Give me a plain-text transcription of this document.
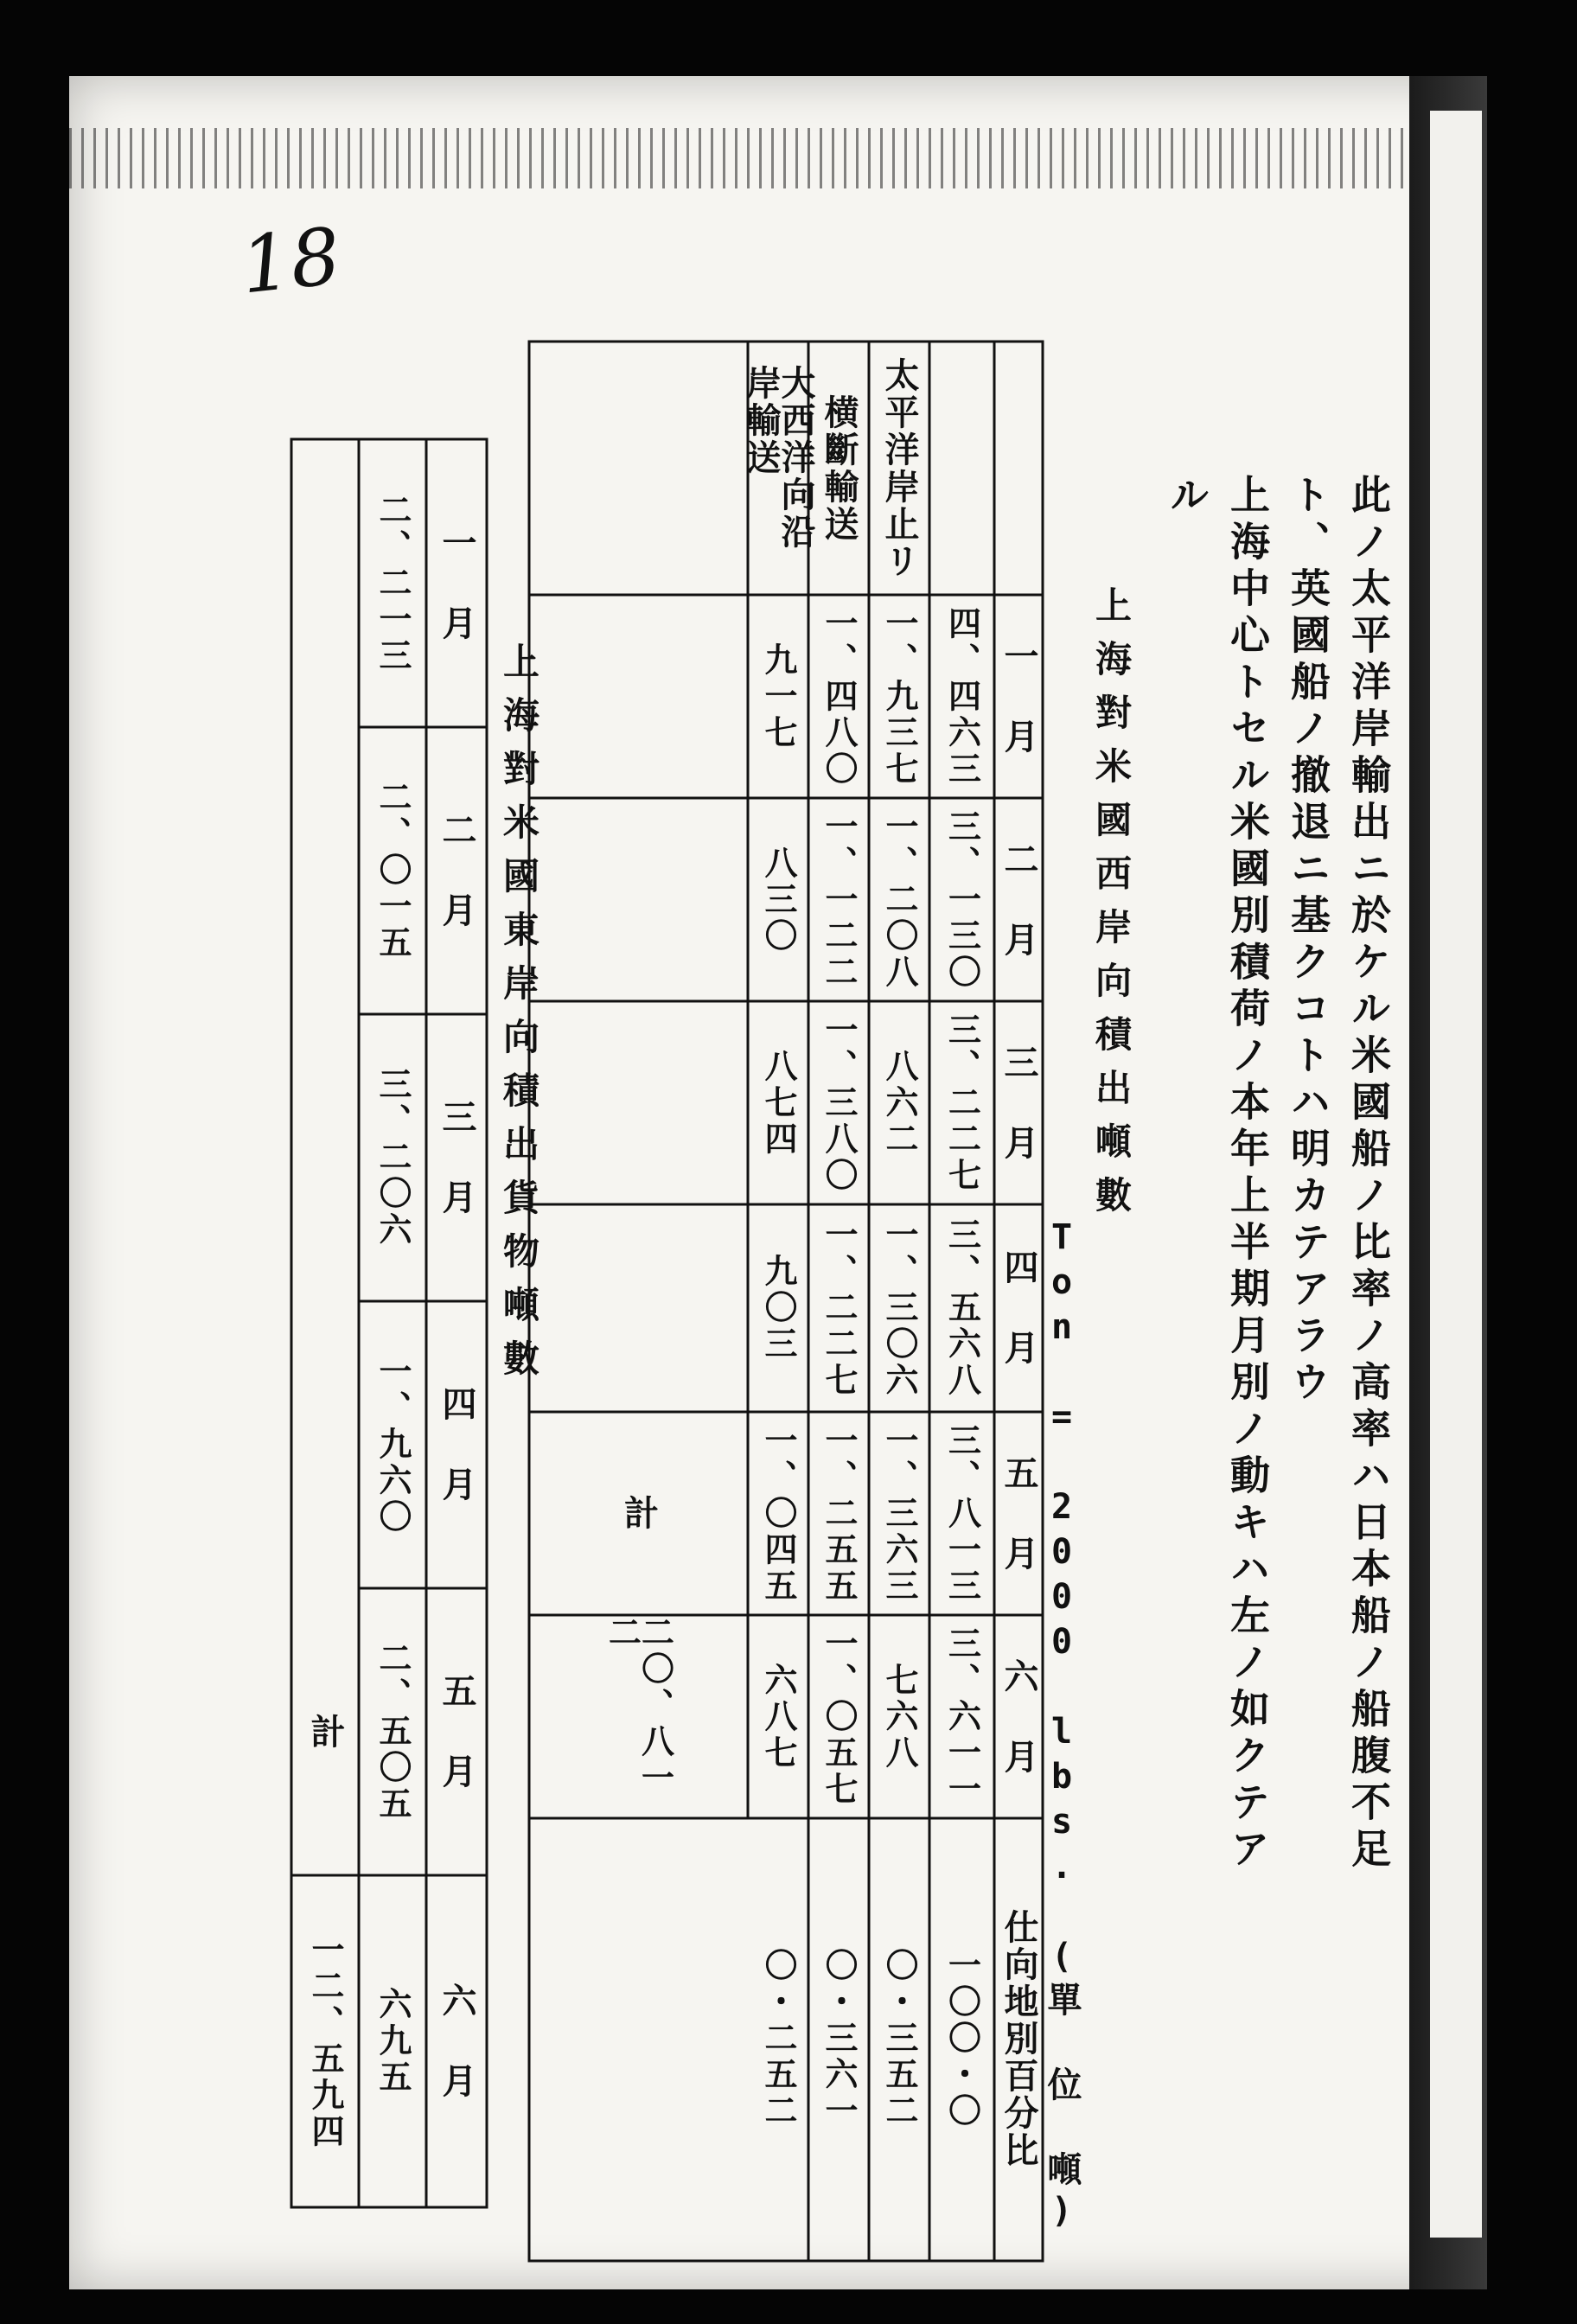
18
此ノ太平洋岸輸出ニ於ケル米國船ノ比率ノ高率ハ日本船ノ船腹不足
ト、英國船ノ撤退ニ基クコトハ明カテアラウ
上海中心トセル米國別積荷ノ本年上半期月別ノ動キハ左ノ如クテア
ル
上海對米國西岸向積出噸數
Ton = 2000 lbs. (單 位 噸)
一 月
二 月
三 月
四 月
五 月
六 月
仕向地別百分比
太平洋岸止リ
横斷輸送
大西洋向沿岸輸送
四、四六三
三、一三〇
三、二二七
三、五六八
三、八一三
三、六一一
一〇〇・〇
一、九三七
一、二〇八
八六二
一、三〇六
一、三六三
七六八
〇・三五二
一、四八〇
一、一二二
一、三八〇
一、二二七
一、二五五
一、〇五七
〇・三六一
九一七
八三〇
八七四
九〇三
一、〇四五
六八七
〇・二五二
計
二〇、八一二
上海對米國東岸向積出貨物噸數
一 月
二 月
三 月
四 月
五 月
六 月
二、二一三
二、〇一五
三、二〇六
一、九六〇
二、五〇五
六九五
計
一二、五九四
